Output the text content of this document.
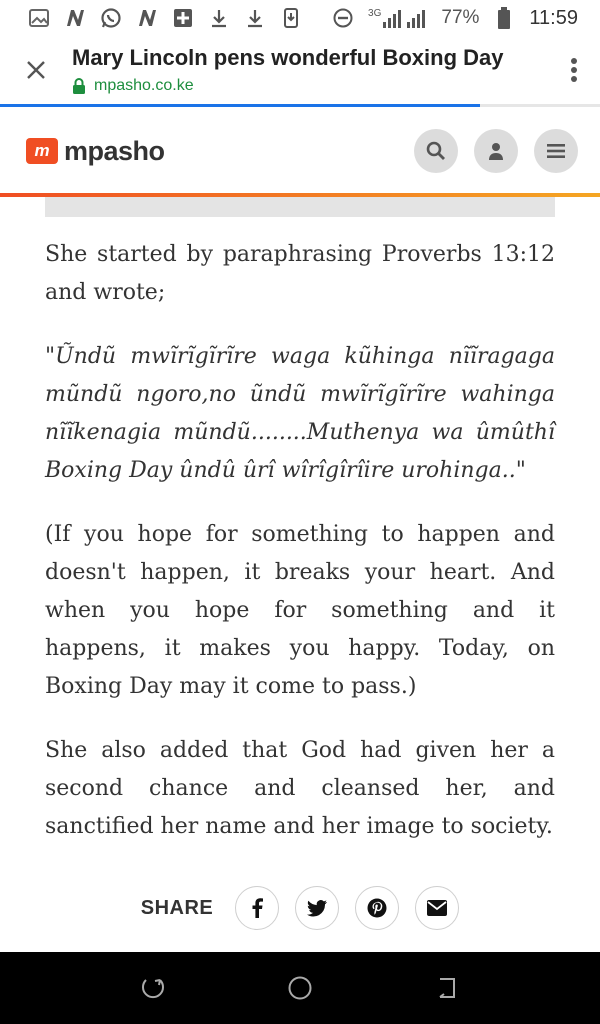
3G	77%	11:59
Mary Lincoln pens wonderful Boxing Day
mpasho.co.ke
m mpasho

She started by paraphrasing Proverbs 13:12 and wrote;

"Ũndũ mwĩrĩgĩrĩre waga kũhinga nĩĩragaga mũndũ ngoro,no ũndũ mwĩrĩgĩrĩre wahinga nĩĩkenagia mũndũ........Muthenya wa ûmûthî Boxing Day ûndû ûrî wîrîgîrîire urohinga.."

(If you hope for something to happen and doesn't happen, it breaks your heart. And when you hope for something and it happens, it makes you happy. Today, on Boxing Day may it come to pass.)

She also added that God had given her a second chance and cleansed her, and sanctified her name and her image to society.

SHARE
